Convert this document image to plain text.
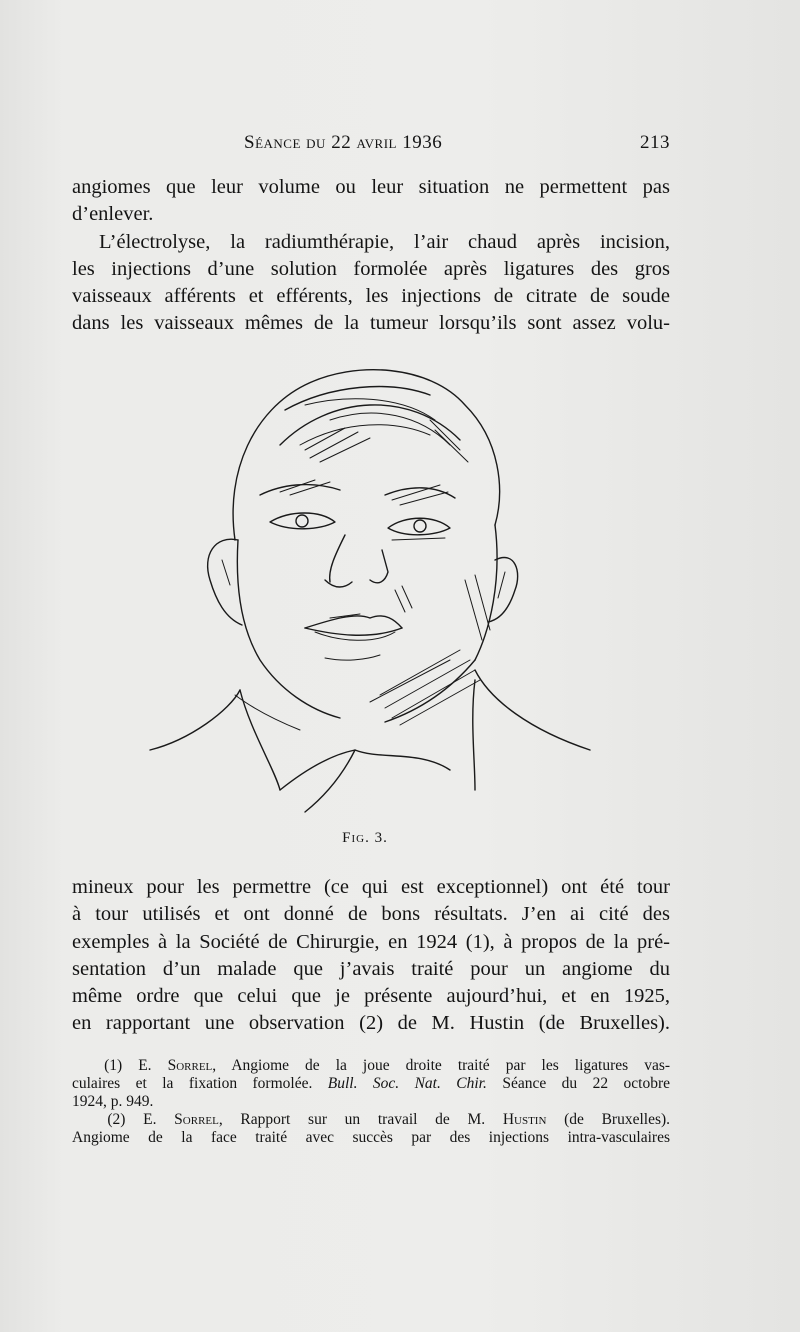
Séance du 22 avril 1936	213
angiomes que leur volume ou leur situation ne permettent pas
d’enlever.
L’électrolyse, la radiumthérapie, l’air chaud après incision,
les injections d’une solution formolée après ligatures des gros
vaisseaux afférents et efférents, les injections de citrate de soude
dans les vaisseaux mêmes de la tumeur lorsqu’ils sont assez volu-
Fig. 3.
mineux pour les permettre (ce qui est exceptionnel) ont été tour
à tour utilisés et ont donné de bons résultats. J’en ai cité des
exemples à la Société de Chirurgie, en 1924 (1), à propos de la pré-
sentation d’un malade que j’avais traité pour un angiome du
même ordre que celui que je présente aujourd’hui, et en 1925,
en rapportant une observation (2) de M. Hustin (de Bruxelles).
(1) E. Sorrel, Angiome de la joue droite traité par les ligatures vas-
culaires et la fixation formolée. Bull. Soc. Nat. Chir. Séance du 22 octobre
1924, p. 949.
(2) E. Sorrel, Rapport sur un travail de M. Hustin (de Bruxelles).
Angiome de la face traité avec succès par des injections intra-vasculaires
